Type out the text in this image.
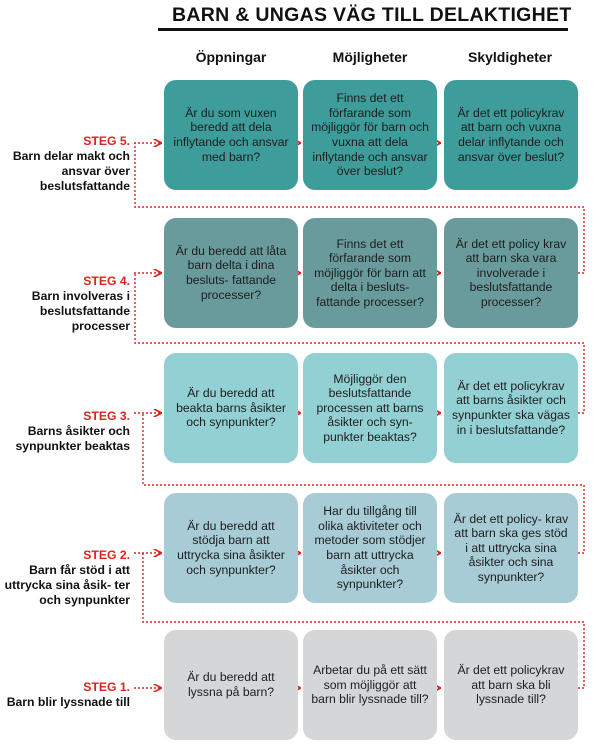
BARN & UNGAS VÄG TILL DELAKTIGHET
Öppningar	Möjligheter	Skyldigheter
STEG 5.
Barn delar makt och ansvar över beslutsfattande
Är du som vuxen beredd att dela inflytande och ansvar med barn?
Finns det ett förfarande som möjliggör för barn och vuxna att dela inflytande och ansvar över beslut?
Är det ett policykrav att barn och vuxna delar inflytande och ansvar över beslut?
STEG 4.
Barn involveras i beslutsfattande processer
Är du beredd att låta barn delta i dina besluts- fattande processer?
Finns det ett förfarande som möjliggör för barn att delta i besluts- fattande processer?
Är det ett policy krav att barn ska vara involverade i beslutsfattande processer?
STEG 3.
Barns åsikter och synpunkter beaktas
Är du beredd att beakta barns åsikter och synpunkter?
Möjliggör den beslutsfattande processen att barns åsikter och syn- punkter beaktas?
Är det ett policykrav att barns åsikter och synpunkter ska vägas in i beslutsfattande?
STEG 2.
Barn får stöd i att uttrycka sina åsik- ter och synpunkter
Är du beredd att stödja barn att uttrycka sina åsikter och synpunkter?
Har du tillgång till olika aktiviteter och metoder som stödjer barn att uttrycka åsikter och synpunkter?
Är det ett policy- krav att barn ska ges stöd i att uttrycka sina åsikter och sina synpunkter?
STEG 1.
Barn blir lyssnade till
Är du beredd att lyssna på barn?
Arbetar du på ett sätt som möjliggör att barn blir lyssnade till?
Är det ett policykrav att barn ska bli lyssnade till?
